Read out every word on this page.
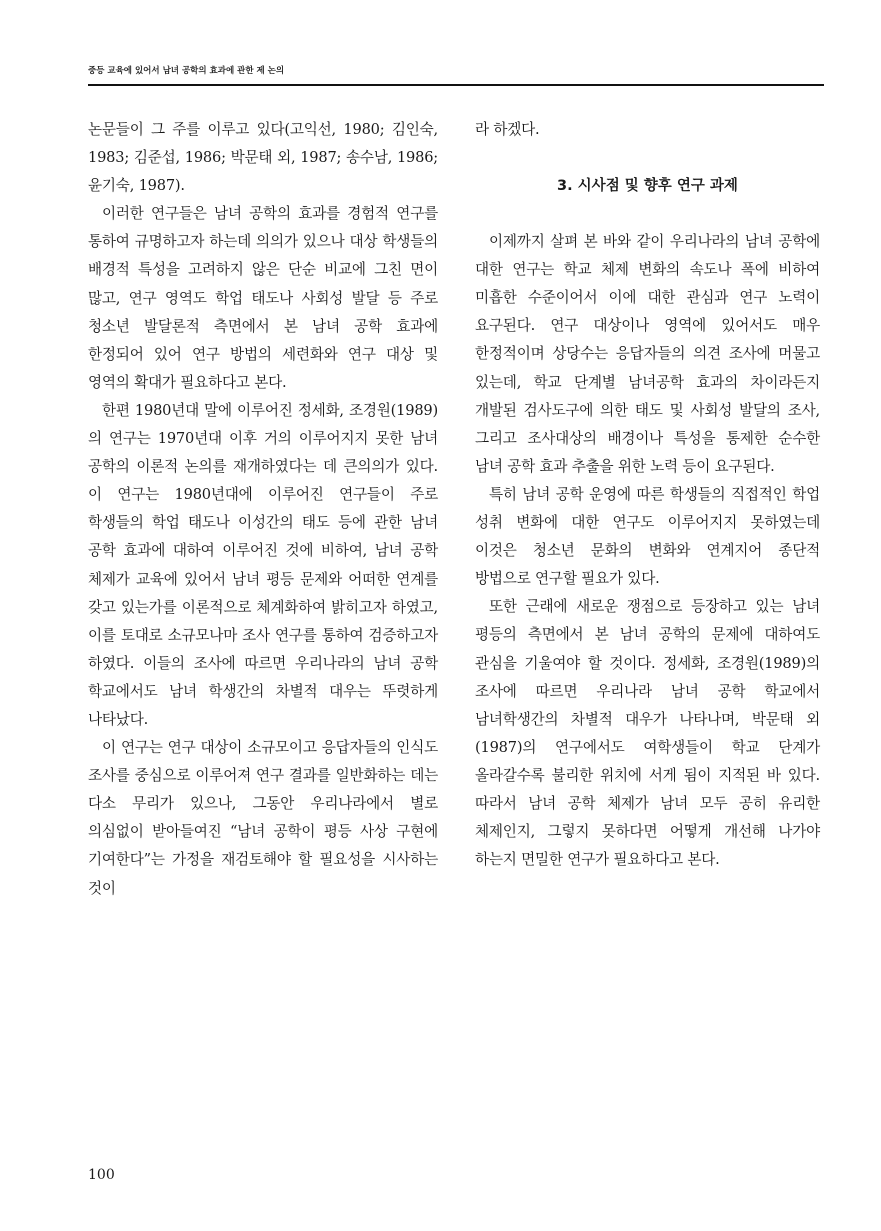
중등 교육에 있어서 남녀 공학의 효과에 관한 제 논의

논문들이 그 주를 이루고 있다(고익선, 1980; 김인숙, 1983; 김준섭, 1986; 박문태 외, 1987; 송수남, 1986; 윤기숙, 1987).

이러한 연구들은 남녀 공학의 효과를 경험적 연구를 통하여 규명하고자 하는데 의의가 있으나 대상 학생들의 배경적 특성을 고려하지 않은 단순 비교에 그친 면이 많고, 연구 영역도 학업 태도나 사회성 발달 등 주로 청소년 발달론적 측면에서 본 남녀 공학 효과에 한정되어 있어 연구 방법의 세련화와 연구 대상 및 영역의 확대가 필요하다고 본다.

한편 1980년대 말에 이루어진 정세화, 조경원(1989)의 연구는 1970년대 이후 거의 이루어지지 못한 남녀 공학의 이론적 논의를 재개하였다는 데 큰의의가 있다. 이 연구는 1980년대에 이루어진 연구들이 주로 학생들의 학업 태도나 이성간의 태도 등에 관한 남녀 공학 효과에 대하여 이루어진 것에 비하여, 남녀 공학 체제가 교육에 있어서 남녀 평등 문제와 어떠한 연계를 갖고 있는가를 이론적으로 체계화하여 밝히고자 하였고, 이를 토대로 소규모나마 조사 연구를 통하여 검증하고자 하였다. 이들의 조사에 따르면 우리나라의 남녀 공학 학교에서도 남녀 학생간의 차별적 대우는 뚜렷하게 나타났다.

이 연구는 연구 대상이 소규모이고 응답자들의 인식도 조사를 중심으로 이루어져 연구 결과를 일반화하는 데는 다소 무리가 있으나, 그동안 우리나라에서 별로 의심없이 받아들여진 “남녀 공학이 평등 사상 구현에 기여한다”는 가정을 재검토해야 할 필요성을 시사하는 것이

라 하겠다.

3. 시사점 및 향후 연구 과제

이제까지 살펴 본 바와 같이 우리나라의 남녀 공학에 대한 연구는 학교 체제 변화의 속도나 폭에 비하여 미흡한 수준이어서 이에 대한 관심과 연구 노력이 요구된다. 연구 대상이나 영역에 있어서도 매우 한정적이며 상당수는 응답자들의 의견 조사에 머물고 있는데, 학교 단계별 남녀공학 효과의 차이라든지 개발된 검사도구에 의한 태도 및 사회성 발달의 조사, 그리고 조사대상의 배경이나 특성을 통제한 순수한 남녀 공학 효과 추출을 위한 노력 등이 요구된다.

특히 남녀 공학 운영에 따른 학생들의 직접적인 학업 성취 변화에 대한 연구도 이루어지지 못하였는데 이것은 청소년 문화의 변화와 연계지어 종단적 방법으로 연구할 필요가 있다.

또한 근래에 새로운 쟁점으로 등장하고 있는 남녀 평등의 측면에서 본 남녀 공학의 문제에 대하여도 관심을 기울여야 할 것이다. 정세화, 조경원(1989)의 조사에 따르면 우리나라 남녀 공학 학교에서 남녀학생간의 차별적 대우가 나타나며, 박문태 외(1987)의 연구에서도 여학생들이 학교 단계가 올라갈수록 불리한 위치에 서게 됨이 지적된 바 있다. 따라서 남녀 공학 체제가 남녀 모두 공히 유리한 체제인지, 그렇지 못하다면 어떻게 개선해 나가야 하는지 면밀한 연구가 필요하다고 본다.

100
